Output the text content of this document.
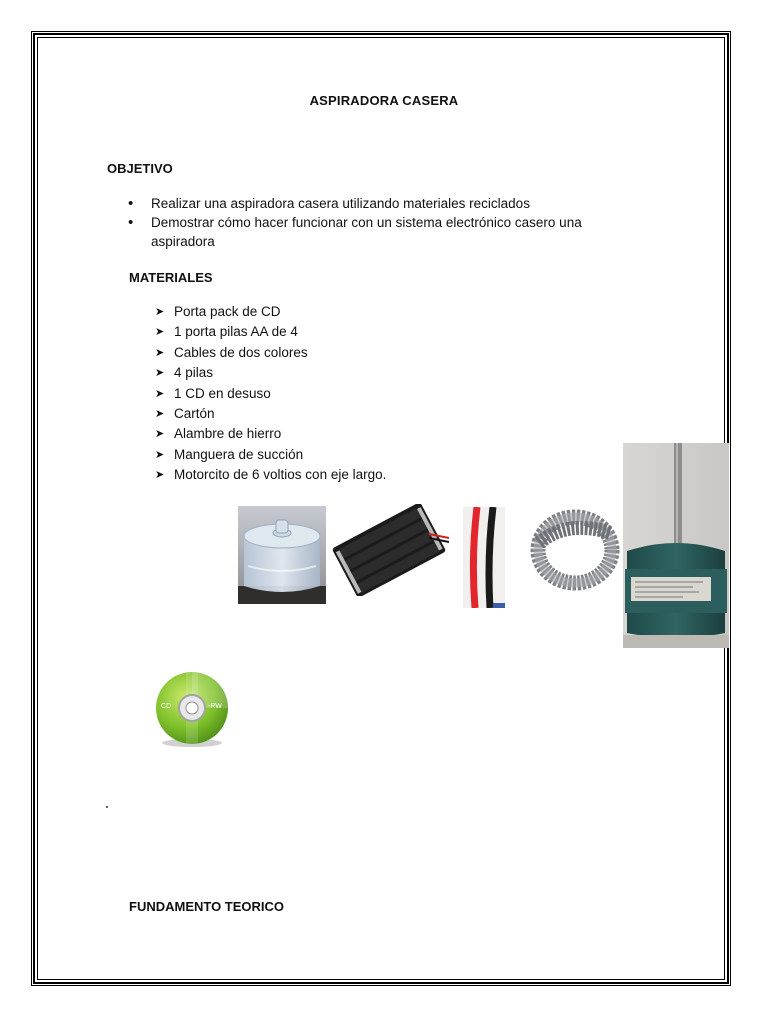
ASPIRADORA CASERA
OBJETIVO
• Realizar una aspiradora casera utilizando materiales reciclados
• Demostrar cómo hacer funcionar con un sistema electrónico casero una aspiradora
MATERIALES
➤ Porta pack de CD
➤ 1 porta pilas AA de 4
➤ Cables de dos colores
➤ 4 pilas
➤ 1 CD en desuso
➤ Cartón
➤ Alambre de hierro
➤ Manguera de succión
➤ Motorcito de 6 voltios con eje largo.
CD	-RW
FUNDAMENTO TEORICO
